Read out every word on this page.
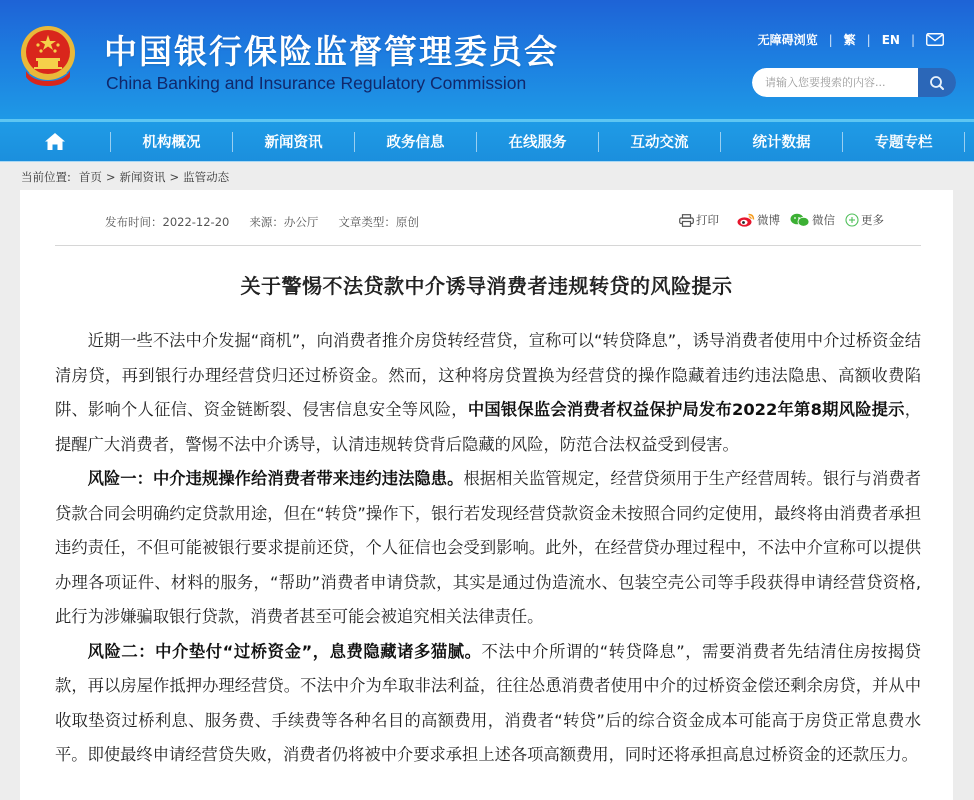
中国银行保险监督管理委员会
China Banking and Insurance Regulatory Commission
无障碍浏览 | 繁 | EN |
请输入您要搜索的内容...
机构概况	新闻资讯	政务信息	在线服务	互动交流	统计数据	专题专栏
当前位置: 首页 > 新闻资讯 > 监管动态
发布时间：2022-12-20 来源：办公厅 文章类型：原创	打印	微博	微信 更多
关于警惕不法贷款中介诱导消费者违规转贷的风险提示

近期一些不法中介发掘“商机”，向消费者推介房贷转经营贷，宣称可以“转贷降息”，诱导消费者使用中介过桥资金结清房贷，再到银行办理经营贷归还过桥资金。然而，这种将房贷置换为经营贷的操作隐藏着违约违法隐患、高额收费陷阱、影响个人征信、资金链断裂、侵害信息安全等风险，中国银保监会消费者权益保护局发布2022年第8期风险提示，提醒广大消费者，警惕不法中介诱导，认清违规转贷背后隐藏的风险，防范合法权益受到侵害。

风险一：中介违规操作给消费者带来违约违法隐患。根据相关监管规定，经营贷须用于生产经营周转。银行与消费者贷款合同会明确约定贷款用途，但在“转贷”操作下，银行若发现经营贷款资金未按照合同约定使用，最终将由消费者承担违约责任，不但可能被银行要求提前还贷，个人征信也会受到影响。此外，在经营贷办理过程中，不法中介宣称可以提供办理各项证件、材料的服务，“帮助”消费者申请贷款，其实是通过伪造流水、包装空壳公司等手段获得申请经营贷资格,此行为涉嫌骗取银行贷款，消费者甚至可能会被追究相关法律责任。

风险二：中介垫付“过桥资金”，息费隐藏诸多猫腻。不法中介所谓的“转贷降息”，需要消费者先结清住房按揭贷款，再以房屋作抵押办理经营贷。不法中介为牟取非法利益，往往怂恿消费者使用中介的过桥资金偿还剩余房贷，并从中收取垫资过桥利息、服务费、手续费等各种名目的高额费用，消费者“转贷”后的综合资金成本可能高于房贷正常息费水平。即使最终申请经营贷失败，消费者仍将被中介要求承担上述各项高额费用，同时还将承担高息过桥资金的还款压力。
